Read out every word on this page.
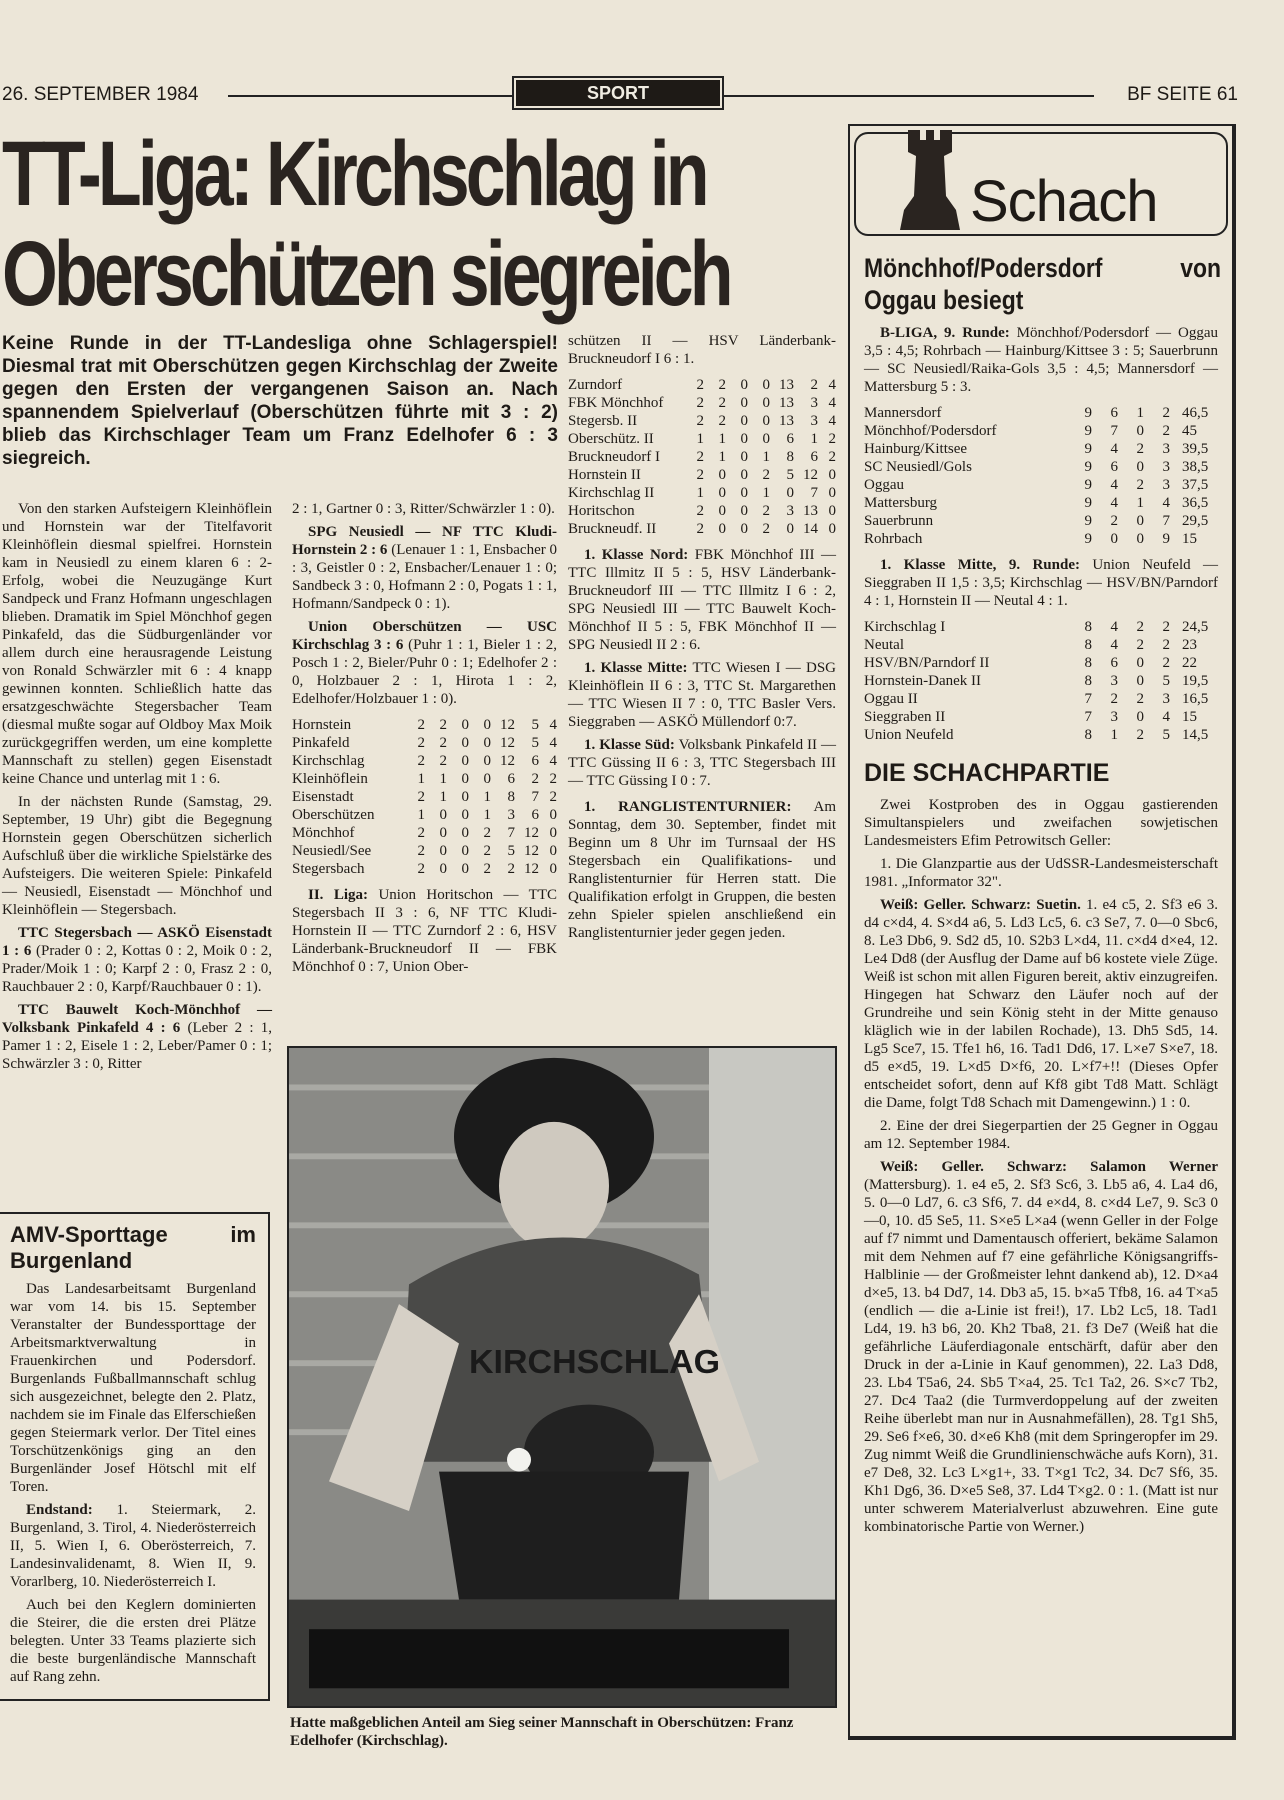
26. SEPTEMBER 1984	SPORT	BF SEITE 61
TT-Liga: Kirchschlag in
Oberschützen siegreich
Keine Runde in der TT-Landesliga ohne Schlagerspiel! Diesmal trat mit Oberschützen gegen Kirchschlag der Zweite gegen den Ersten der vergangenen Saison an. Nach spannendem Spielverlauf (Oberschützen führte mit 3 : 2) blieb das Kirchschlager Team um Franz Edelhofer 6 : 3 siegreich.

Von den starken Aufsteigern Kleinhöflein und Hornstein war der Titelfavorit Kleinhöflein diesmal spielfrei. Hornstein kam in Neusiedl zu einem klaren 6 : 2-Erfolg, wobei die Neuzugänge Kurt Sandpeck und Franz Hofmann ungeschlagen blieben. Dramatik im Spiel Mönchhof gegen Pinkafeld, das die Südburgenländer vor allem durch eine herausragende Leistung von Ronald Schwärzler mit 6 : 4 knapp gewinnen konnten. Schließlich hatte das ersatzgeschwächte Stegersbacher Team (diesmal mußte sogar auf Oldboy Max Moik zurückgegriffen werden, um eine komplette Mannschaft zu stellen) gegen Eisenstadt keine Chance und unterlag mit 1 : 6.

In der nächsten Runde (Samstag, 29. September, 19 Uhr) gibt die Begegnung Hornstein gegen Oberschützen sicherlich Aufschluß über die wirkliche Spielstärke des Aufsteigers. Die weiteren Spiele: Pinkafeld — Neusiedl, Eisenstadt — Mönchhof und Kleinhöflein — Stegersbach.

TTC Stegersbach — ASKÖ Eisenstadt 1 : 6 (Prader 0 : 2, Kottas 0 : 2, Moik 0 : 2, Prader/Moik 1 : 0; Karpf 2 : 0, Frasz 2 : 0, Rauchbauer 2 : 0, Karpf/Rauchbauer 0 : 1).

TTC Bauwelt Koch-Mönchhof — Volksbank Pinkafeld 4 : 6 (Leber 2 : 1, Pamer 1 : 2, Eisele 1 : 2, Leber/Pamer 0 : 1; Schwärzler 3 : 0, Ritter

2 : 1, Gartner 0 : 3, Ritter/Schwärzler 1 : 0).

SPG Neusiedl — NF TTC Kludi-Hornstein 2 : 6 (Lenauer 1 : 1, Ensbacher 0 : 3, Geistler 0 : 2, Ensbacher/Lenauer 1 : 0; Sandbeck 3 : 0, Hofmann 2 : 0, Pogats 1 : 1, Hofmann/Sandpeck 0 : 1).

Union Oberschützen — USC Kirchschlag 3 : 6 (Puhr 1 : 1, Bieler 1 : 2, Posch 1 : 2, Bieler/Puhr 0 : 1; Edelhofer 2 : 0, Holzbauer 2 : 1, Hirota 1 : 2, Edelhofer/Holzbauer 1 : 0).

Hornstein	2 2 0 0 12	5 4
Pinkafeld	2 2 0 0 12	5 4
Kirchschlag	2 2 0 0 12	6 4
Kleinhöflein	1 1 0 0	6	2 2
Eisenstadt	2 1 0 1	8	7 2
Oberschützen	1 0 0 1	3	6 0
Mönchhof	2 0 0 2	7 12 0
Neusiedl/See	2 0 0 2	5 12 0
Stegersbach	2 0 0 2	2 12 0

II. Liga: Union Horitschon — TTC Stegersbach II 3 : 6, NF TTC Kludi-Hornstein II — TTC Zurndorf 2 : 6, HSV Länderbank-Bruckneudorf II — FBK Mönchhof 0 : 7, Union Ober-

schützen II — HSV Länderbank-Bruckneudorf I 6 : 1.

Zurndorf	2 2 0 0 13	2 4
FBK Mönchhof	2 2 0 0 13	3 4
Stegersb. II	2 2 0 0 13	3 4
Oberschütz. II	1 1 0 0	6	1 2
Bruckneudorf I	2 1 0 1	8	6 2
Hornstein II	2 0 0 2	5 12 0
Kirchschlag II	1 0 0 1	0	7 0
Horitschon	2 0 0 2	3 13 0
Bruckneudf. II	2 0 0 2	0 14 0

1. Klasse Nord: FBK Mönchhof III — TTC Illmitz II 5 : 5, HSV Länderbank-Bruckneudorf III — TTC Illmitz I 6 : 2, SPG Neusiedl III — TTC Bauwelt Koch-Mönchhof II 5 : 5, FBK Mönchhof II — SPG Neusiedl II 2 : 6.

1. Klasse Mitte: TTC Wiesen I — DSG Kleinhöflein II 6 : 3, TTC St. Margarethen — TTC Wiesen II 7 : 0, TTC Basler Vers. Sieggraben — ASKÖ Müllendorf 0:7.

1. Klasse Süd: Volksbank Pinkafeld II — TTC Güssing II 6 : 3, TTC Stegersbach III — TTC Güssing I 0 : 7.

1. RANGLISTENTURNIER: Am Sonntag, dem 30. September, findet mit Beginn um 8 Uhr im Turnsaal der HS Stegersbach ein Qualifikations- und Ranglistenturnier für Herren statt. Die Qualifikation erfolgt in Gruppen, die besten zehn Spieler spielen anschließend ein Ranglistenturnier jeder gegen jeden.

KIRCHSCHLAG
Hatte maßgeblichen Anteil am Sieg seiner Mannschaft in Oberschützen: Franz Edelhofer (Kirchschlag).
AMV-Sporttage im Burgenland

Das Landesarbeitsamt Burgenland war vom 14. bis 15. September Veranstalter der Bundessporttage der Arbeitsmarktverwaltung in Frauenkirchen und Podersdorf. Burgenlands Fußballmannschaft schlug sich ausgezeichnet, belegte den 2. Platz, nachdem sie im Finale das Elferschießen gegen Steiermark verlor. Der Titel eines Torschützenkönigs ging an den Burgenländer Josef Hötschl mit elf Toren.

Endstand: 1. Steiermark, 2. Burgenland, 3. Tirol, 4. Niederösterreich II, 5. Wien I, 6. Oberösterreich, 7. Landesinvalidenamt, 8. Wien II, 9. Vorarlberg, 10. Niederösterreich I.

Auch bei den Keglern dominierten die Steirer, die die ersten drei Plätze belegten. Unter 33 Teams plazierte sich die beste burgenländische Mannschaft auf Rang zehn.

Schach
Mönchhof/Podersdorf von Oggau besiegt

B-LIGA, 9. Runde: Mönchhof/Podersdorf — Oggau 3,5 : 4,5; Rohrbach — Hainburg/Kittsee 3 : 5; Sauerbrunn — SC Neusiedl/Raika-Gols 3,5 : 4,5; Mannersdorf — Mattersburg 5 : 3.

Mannersdorf	9	6	1	2 46,5
Mönchhof/Podersdorf	9	7	0	2 45
Hainburg/Kittsee	9	4	2	3 39,5
SC Neusiedl/Gols	9	6	0	3 38,5
Oggau	9	4	2	3 37,5
Mattersburg	9	4	1	4 36,5
Sauerbrunn	9	2	0	7 29,5
Rohrbach	9	0	0	9 15

1. Klasse Mitte, 9. Runde: Union Neufeld — Sieggraben II 1,5 : 3,5; Kirchschlag — HSV/BN/Parndorf 4 : 1, Hornstein II — Neutal 4 : 1.

Kirchschlag I	8	4	2	2 24,5
Neutal	8	4	2	2 23
HSV/BN/Parndorf II	8	6	0	2 22
Hornstein-Danek II	8	3	0	5 19,5
Oggau II	7	2	2	3 16,5
Sieggraben II	7	3	0	4 15
Union Neufeld	8	1	2	5 14,5
DIE SCHACHPARTIE

Zwei Kostproben des in Oggau gastierenden Simultanspielers und zweifachen sowjetischen Landesmeisters Efim Petrowitsch Geller:

1. Die Glanzpartie aus der UdSSR-Landesmeisterschaft 1981. „Informator 32".

Weiß: Geller. Schwarz: Suetin. 1. e4 c5, 2. Sf3 e6 3. d4 c×d4, 4. S×d4 a6, 5. Ld3 Lc5, 6. c3 Se7, 7. 0—0 Sbc6, 8. Le3 Db6, 9. Sd2 d5, 10. S2b3 L×d4, 11. c×d4 d×e4, 12. Le4 Dd8 (der Ausflug der Dame auf b6 kostete viele Züge. Weiß ist schon mit allen Figuren bereit, aktiv einzugreifen. Hingegen hat Schwarz den Läufer noch auf der Grundreihe und sein König steht in der Mitte genauso kläglich wie in der labilen Rochade), 13. Dh5 Sd5, 14. Lg5 Sce7, 15. Tfe1 h6, 16. Tad1 Dd6, 17. L×e7 S×e7, 18. d5 e×d5, 19. L×d5 D×f6, 20. L×f7+!! (Dieses Opfer entscheidet sofort, denn auf Kf8 gibt Td8 Matt. Schlägt die Dame, folgt Td8 Schach mit Damengewinn.) 1 : 0.

2. Eine der drei Siegerpartien der 25 Gegner in Oggau am 12. September 1984.

Weiß: Geller. Schwarz: Salamon Werner (Mattersburg). 1. e4 e5, 2. Sf3 Sc6, 3. Lb5 a6, 4. La4 d6, 5. 0—0 Ld7, 6. c3 Sf6, 7. d4 e×d4, 8. c×d4 Le7, 9. Sc3 0—0, 10. d5 Se5, 11. S×e5 L×a4 (wenn Geller in der Folge auf f7 nimmt und Damentausch offeriert, bekäme Salamon mit dem Nehmen auf f7 eine gefährliche Königsangriffs-Halblinie — der Großmeister lehnt dankend ab), 12. D×a4 d×e5, 13. b4 Dd7, 14. Db3 a5, 15. b×a5 Tfb8, 16. a4 T×a5 (endlich — die a-Linie ist frei!), 17. Lb2 Lc5, 18. Tad1 Ld4, 19. h3 b6, 20. Kh2 Tba8, 21. f3 De7 (Weiß hat die gefährliche Läuferdiagonale entschärft, dafür aber den Druck in der a-Linie in Kauf genommen), 22. La3 Dd8, 23. Lb4 T5a6, 24. Sb5 T×a4, 25. Tc1 Ta2, 26. S×c7 Tb2, 27. Dc4 Taa2 (die Turmverdoppelung auf der zweiten Reihe überlebt man nur in Ausnahmefällen), 28. Tg1 Sh5, 29. Se6 f×e6, 30. d×e6 Kh8 (mit dem Springeropfer im 29. Zug nimmt Weiß die Grundlinienschwäche aufs Korn), 31. e7 De8, 32. Lc3 L×g1+, 33. T×g1 Tc2, 34. Dc7 Sf6, 35. Kh1 Dg6, 36. D×e5 Se8, 37. Ld4 T×g2. 0 : 1. (Matt ist nur unter schwerem Materialverlust abzuwehren. Eine gute kombinatorische Partie von Werner.)
